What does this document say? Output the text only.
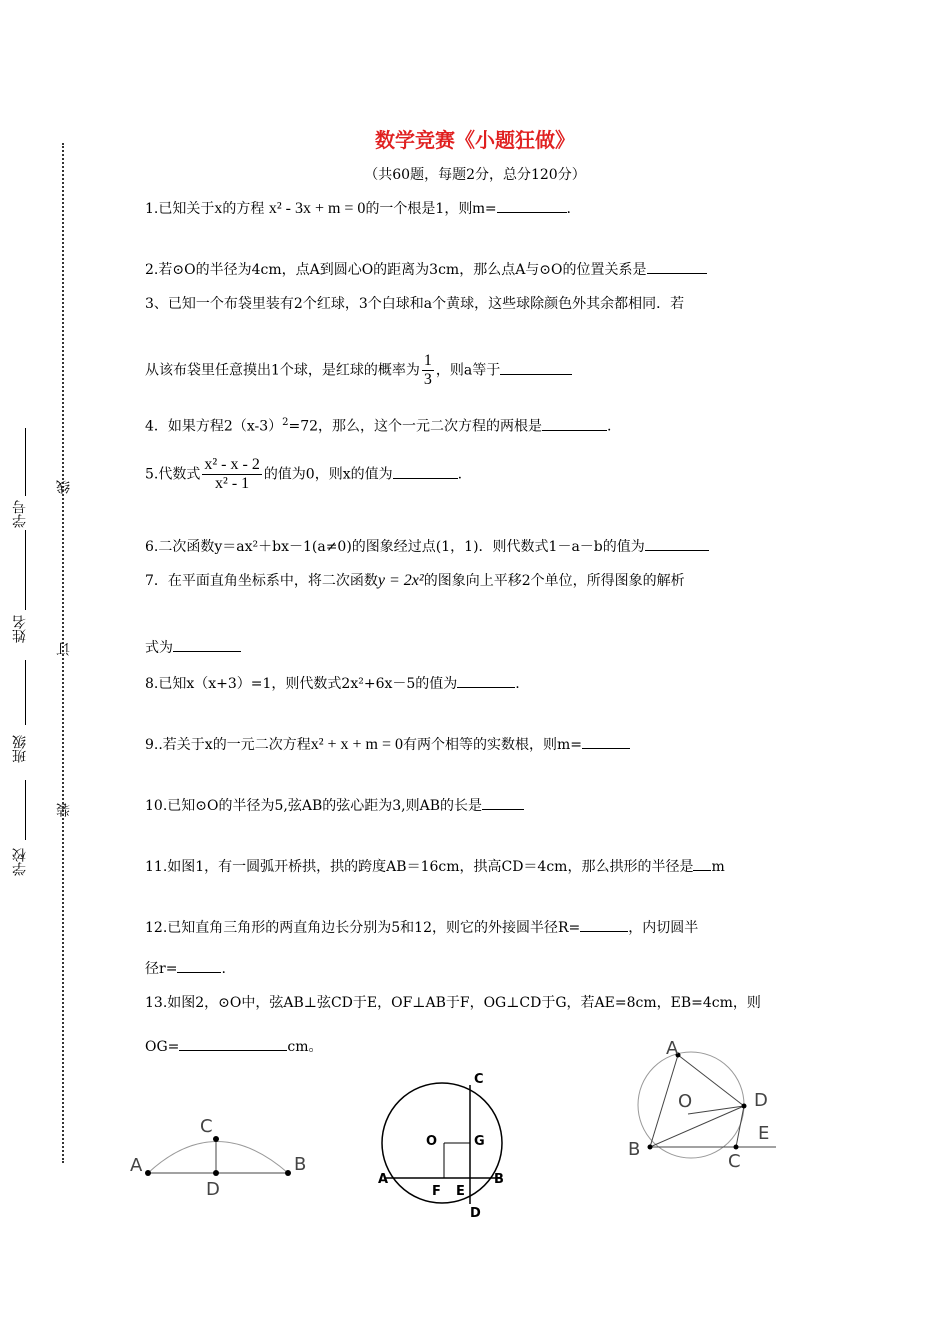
学校
班级
姓名
学号
装
订
线
数学竞赛《小题狂做》
（共60题，每题2分，总分120分）
1.已知关于x的方程 x² - 3x + m = 0的一个根是1，则m=	.
2.若⊙O的半径为4cm，点A到圆心O的距离为3cm，那么点A与⊙O的位置关系是
3、已知一个布袋里装有2个红球，3个白球和a个黄球，这些球除颜色外其余都相同．若
从该布袋里任意摸出1个球，是红球的概率为 $\frac{1}{3}$ ，则a等于
4．如果方程$2(x-3)^2=72$，那么，这个一元二次方程的两根是	.
5.代数式 $\frac{\text{x² - x - 2}}{\text{x² - 1}}$ 的值为0，则x的值为	.
6.二次函数y＝ax²＋bx－1(a≠0)的图象经过点(1，1)．则代数式1－a－b的值为
7．在平面直角坐标系中，将二次函数y = 2x²的图象向上平移2个单位，所得图象的解析
式为
8.已知x（x+3）=1，则代数式2x²+6x－5的值为	.
9..若关于x的一元二次方程x² + x + m = 0有两个相等的实数根，则m=
10.已知⊙O的半径为5,弦AB的弦心距为3,则AB的长是
11.如图1，有一圆弧开桥拱，拱的跨度AB＝16cm，拱高CD＝4cm，那么拱形的半径是 m
12.已知直角三角形的两直角边长分别为5和12，则它的外接圆半径R=	，内切圆半
径r=	.
13.如图2，⊙O中，弦AB⊥弦CD于E，OF⊥AB于F，OG⊥CD于G，若AE=8cm，EB=4cm，则
OG=	cm。
A	B
C
D
O	G
C
A	B
F E
D
A
O	D
E
B
C
